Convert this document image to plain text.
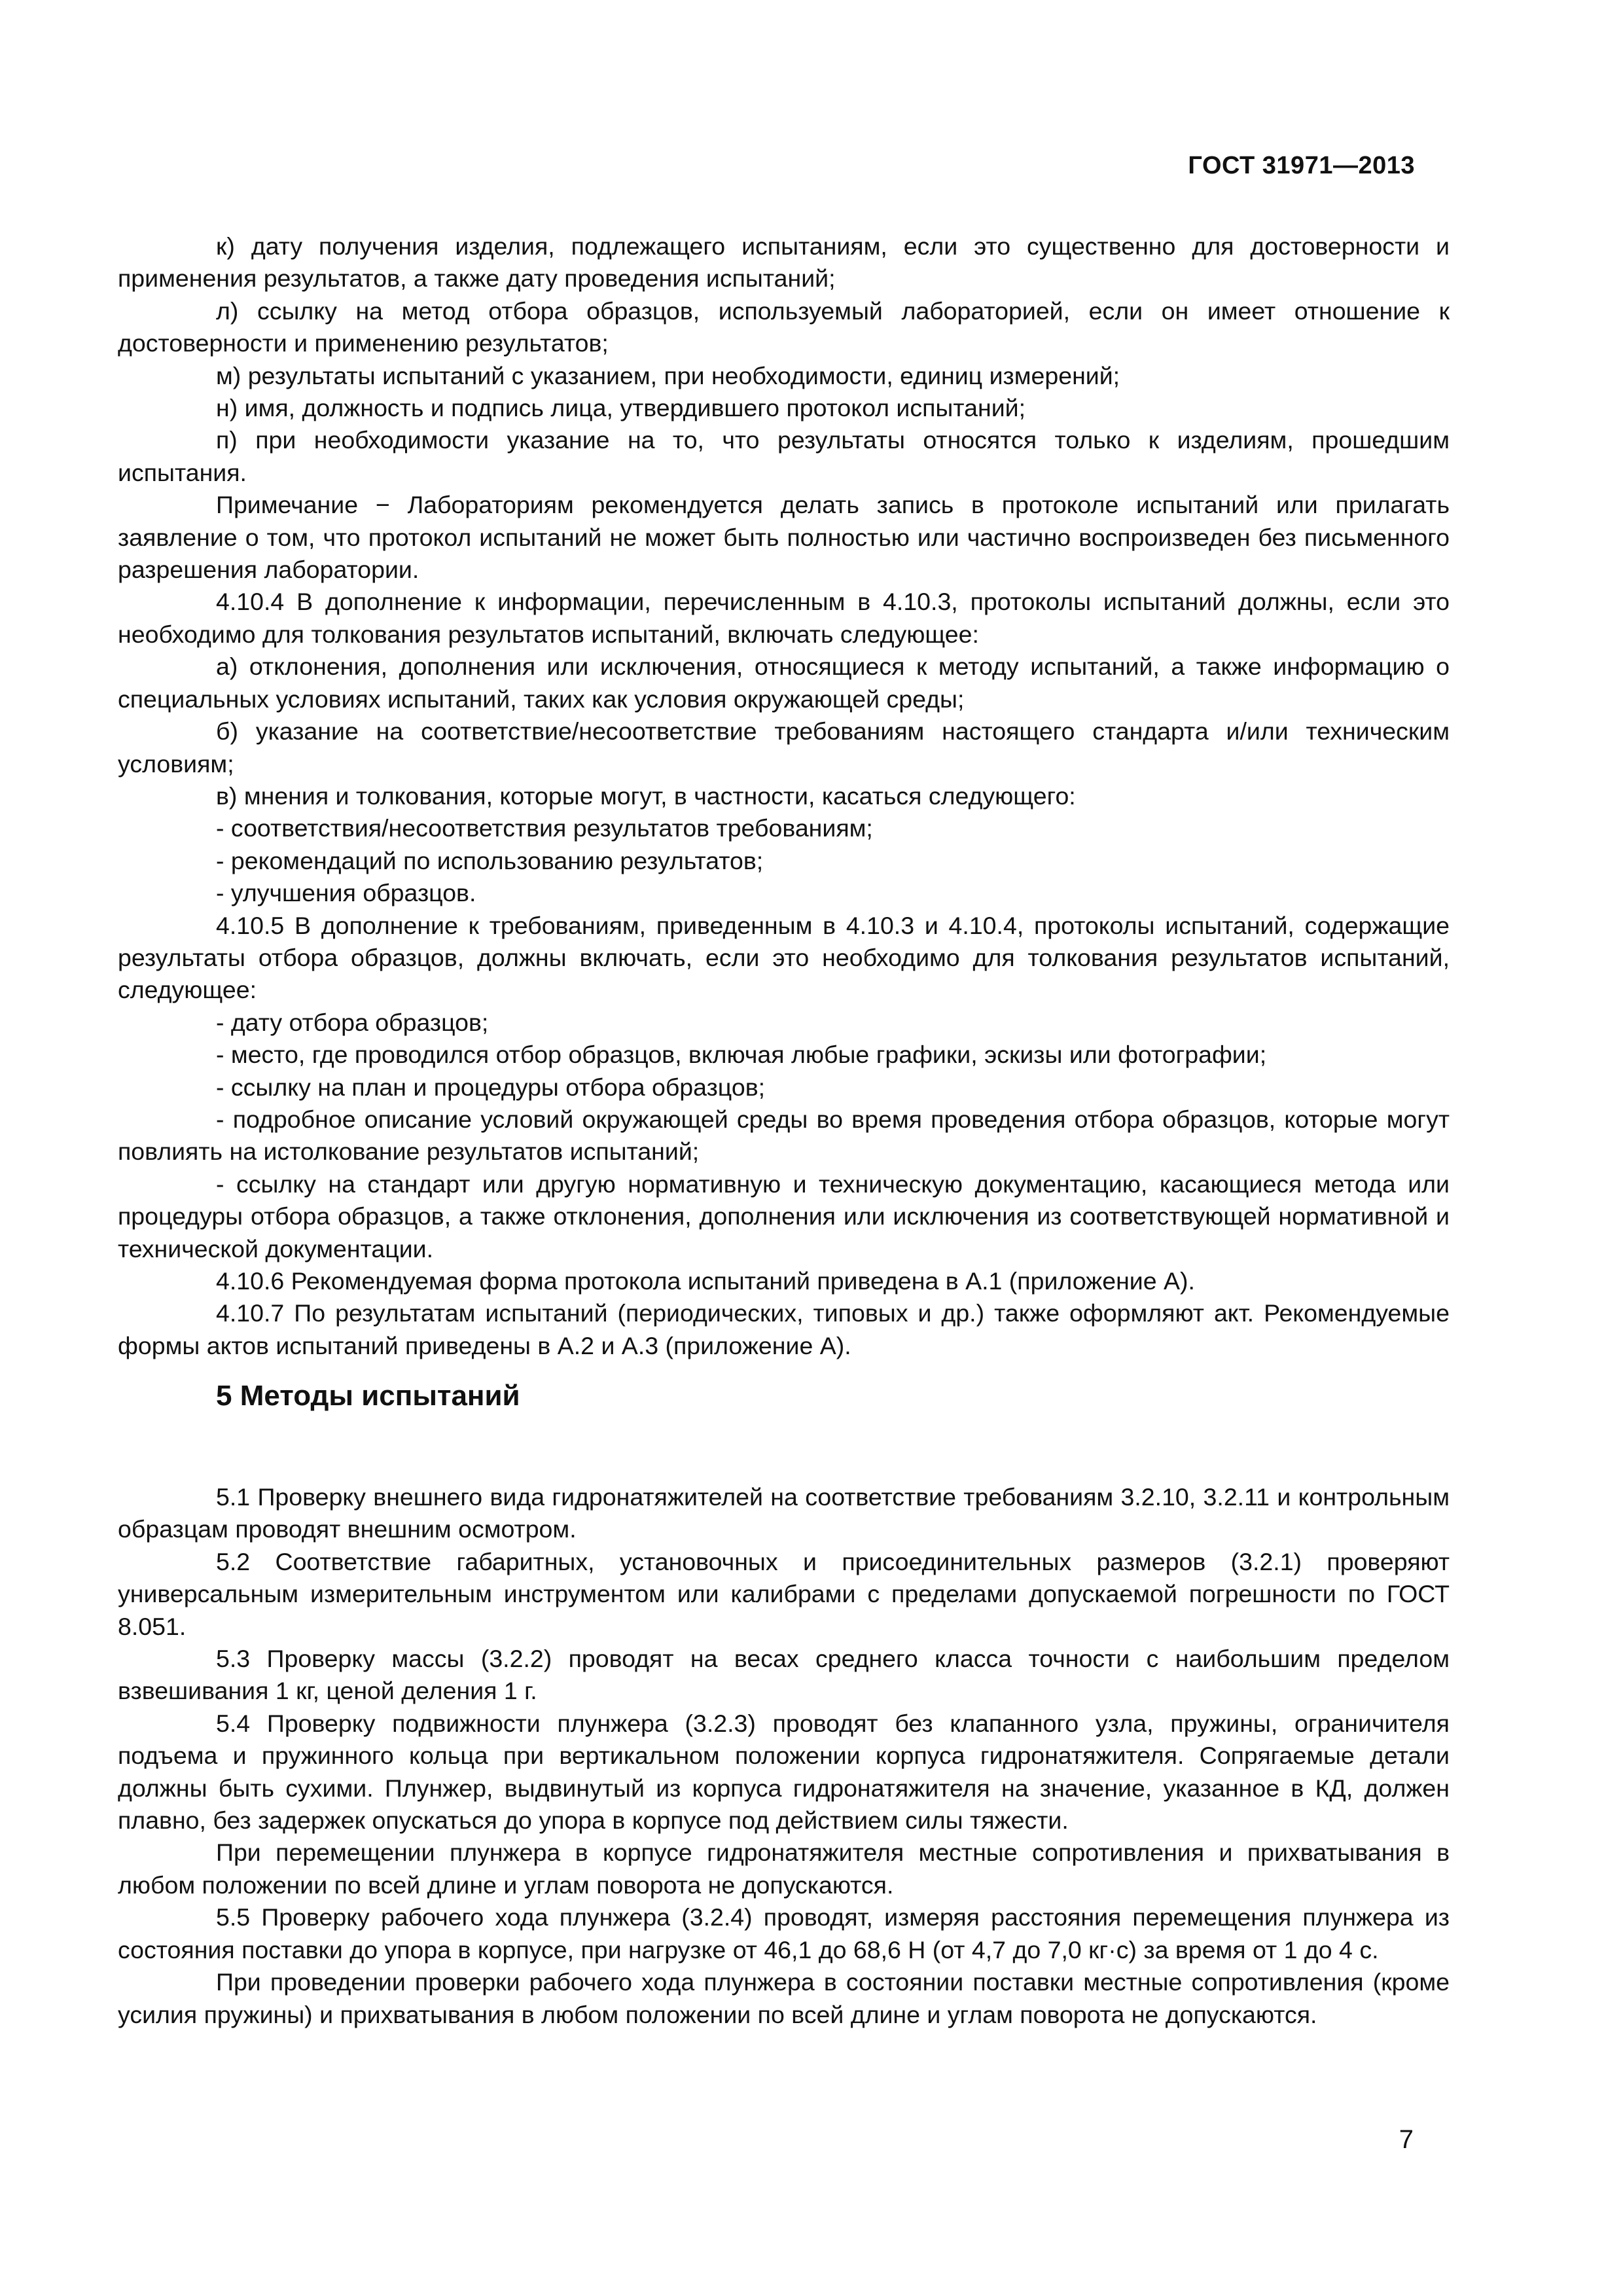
ГОСТ 31971—2013

к) дату получения изделия, подлежащего испытаниям, если это существенно для достоверности и применения результатов, а также дату проведения испытаний;

л) ссылку на метод отбора образцов, используемый лабораторией, если он имеет отношение к достоверности и применению результатов;

м) результаты испытаний с указанием, при необходимости, единиц измерений;

н) имя, должность и подпись лица, утвердившего протокол испытаний;

п) при необходимости указание на то, что результаты относятся только к изделиям, прошедшим испытания.

Примечание − Лабораториям рекомендуется делать запись в протоколе испытаний или прилагать заявление о том, что протокол испытаний не может быть полностью или частично воспроизведен без письменного разрешения лаборатории.

4.10.4 В дополнение к информации, перечисленным в 4.10.3, протоколы испытаний должны, если это необходимо для толкования результатов испытаний, включать следующее:

а) отклонения, дополнения или исключения, относящиеся к методу испытаний, а также информацию о специальных условиях испытаний, таких как условия окружающей среды;

б) указание на соответствие/несоответствие требованиям настоящего стандарта и/или техническим условиям;

в) мнения и толкования, которые могут, в частности, касаться следующего:

- соответствия/несоответствия результатов требованиям;

- рекомендаций по использованию результатов;

- улучшения образцов.

4.10.5 В дополнение к требованиям, приведенным в 4.10.3 и 4.10.4, протоколы испытаний, содержащие результаты отбора образцов, должны включать, если это необходимо для толкования результатов испытаний, следующее:

- дату отбора образцов;

- место, где проводился отбор образцов, включая любые графики, эскизы или фотографии;

- ссылку на план и процедуры отбора образцов;

- подробное описание условий окружающей среды во время проведения отбора образцов, которые могут повлиять на истолкование результатов испытаний;

- ссылку на стандарт или другую нормативную и техническую документацию, касающиеся метода или процедуры отбора образцов, а также отклонения, дополнения или исключения из соответствующей нормативной и технической документации.

4.10.6 Рекомендуемая форма протокола испытаний приведена в А.1 (приложение А).

4.10.7 По результатам испытаний (периодических, типовых и др.) также оформляют акт. Рекомендуемые формы актов испытаний приведены в А.2 и А.3 (приложение А).

5 Методы испытаний

5.1 Проверку внешнего вида гидронатяжителей на соответствие требованиям 3.2.10, 3.2.11 и контрольным образцам проводят внешним осмотром.

5.2 Соответствие габаритных, установочных и присоединительных размеров (3.2.1) проверяют универсальным измерительным инструментом или калибрами с пределами допускаемой погрешности по ГОСТ 8.051.

5.3 Проверку массы (3.2.2) проводят на весах среднего класса точности с наибольшим пределом взвешивания 1 кг, ценой деления 1 г.

5.4 Проверку подвижности плунжера (3.2.3) проводят без клапанного узла, пружины, ограничителя подъема и пружинного кольца при вертикальном положении корпуса гидронатяжителя. Сопрягаемые детали должны быть сухими. Плунжер, выдвинутый из корпуса гидронатяжителя на значение, указанное в КД, должен плавно, без задержек опускаться до упора в корпусе под действием силы тяжести.

При перемещении плунжера в корпусе гидронатяжителя местные сопротивления и прихватывания в любом положении по всей длине и углам поворота не допускаются.

5.5 Проверку рабочего хода плунжера (3.2.4) проводят, измеряя расстояния перемещения плунжера из состояния поставки до упора в корпусе, при нагрузке от 46,1 до 68,6 Н (от 4,7 до 7,0 кг·с) за время от 1 до 4 с.

При проведении проверки рабочего хода плунжера в состоянии поставки местные сопротивления (кроме усилия пружины) и прихватывания в любом положении по всей длине и углам поворота не допускаются.

7
